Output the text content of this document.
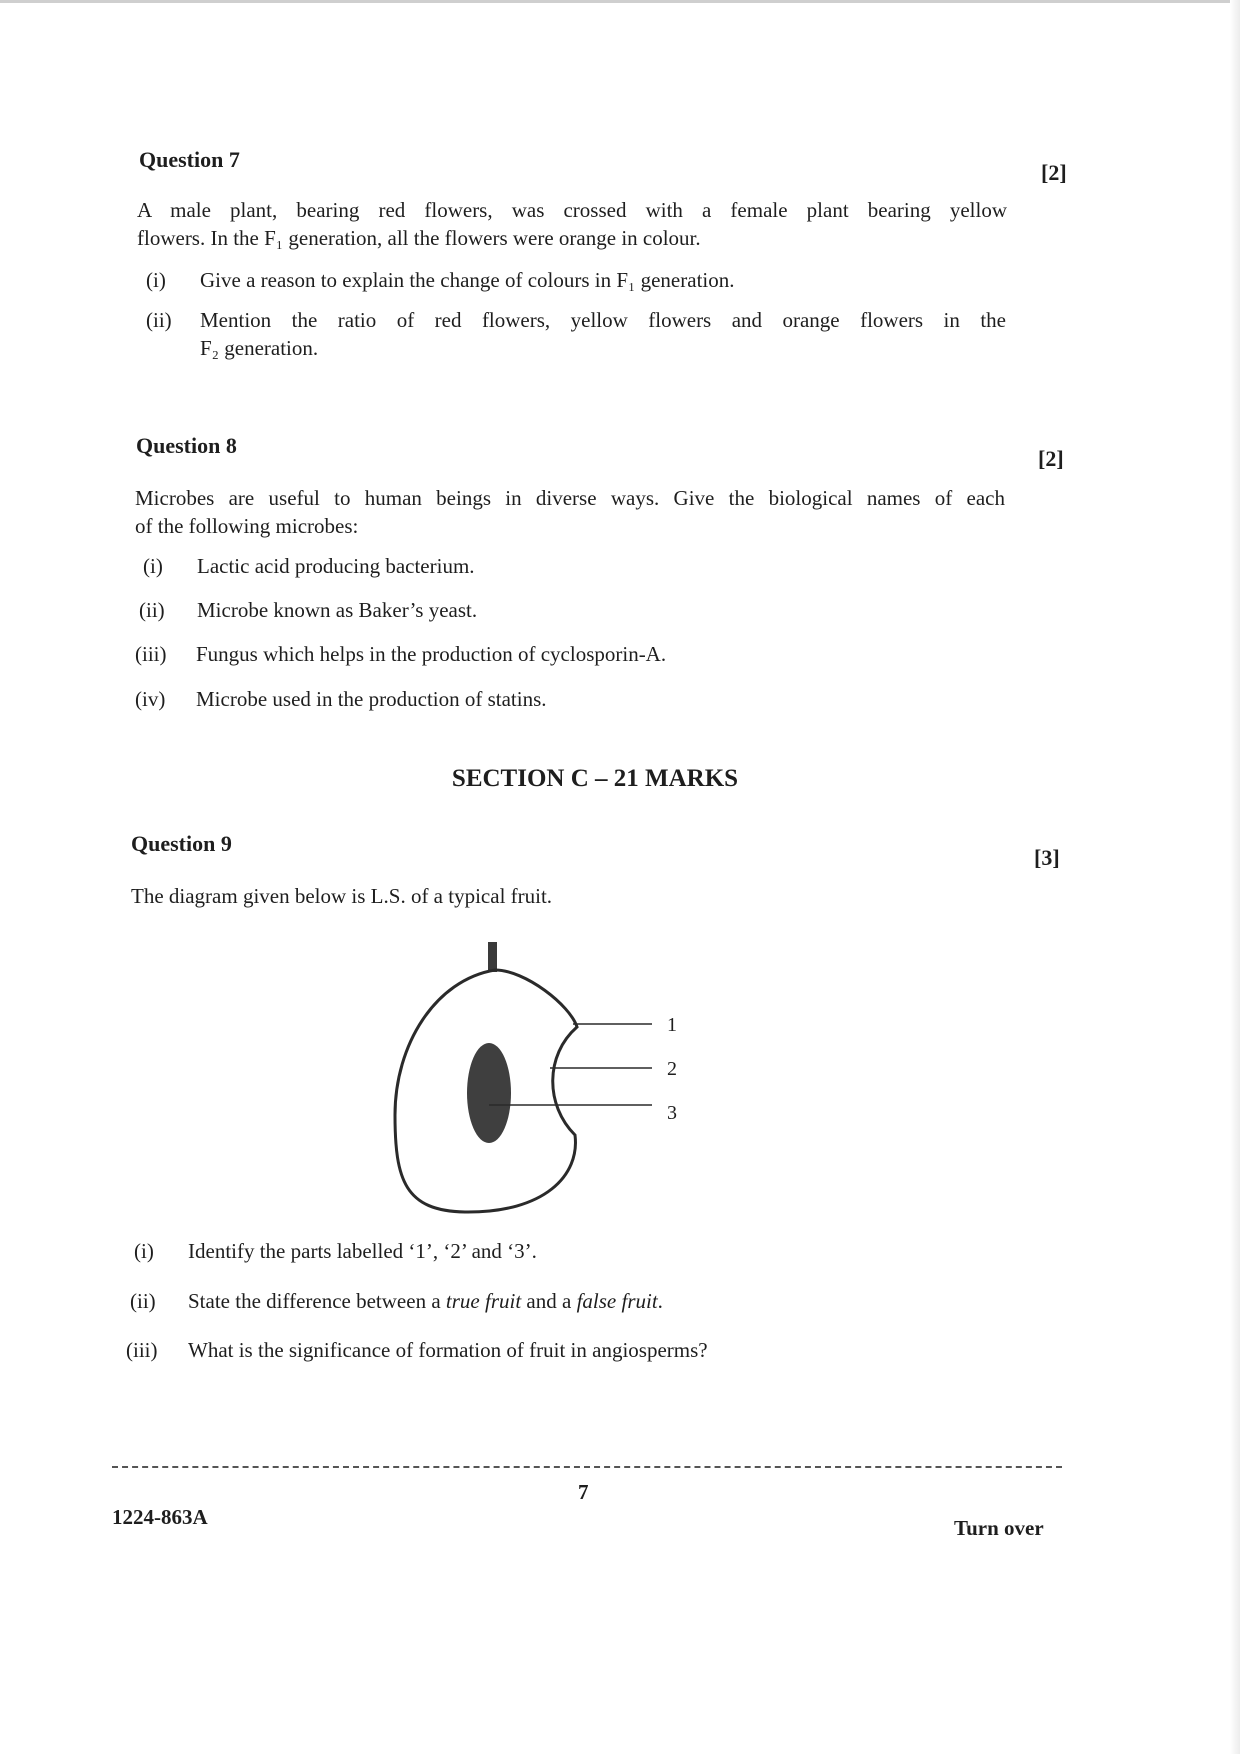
Question 7
[2]
A male plant, bearing red flowers, was crossed with a female plant bearing yellow
flowers. In the F₁ generation, all the flowers were orange in colour.
(i) Give a reason to explain the change of colours in F₁ generation.
(ii) Mention the ratio of red flowers, yellow flowers and orange flowers in the
F₂ generation.
Question 8
[2]
Microbes are useful to human beings in diverse ways. Give the biological names of each
of the following microbes:
(i) Lactic acid producing bacterium.
(ii) Microbe known as Baker’s yeast.
(iii) Fungus which helps in the production of cyclosporin-A.
(iv) Microbe used in the production of statins.
SECTION C – 21 MARKS
Question 9
[3]
The diagram given below is L.S. of a typical fruit.
1
2
3
(i) Identify the parts labelled ‘1’, ‘2’ and ‘3’.
(ii) State the difference between a true fruit and a false fruit.
(iii) What is the significance of formation of fruit in angiosperms?
7
1224-863A	Turn over
